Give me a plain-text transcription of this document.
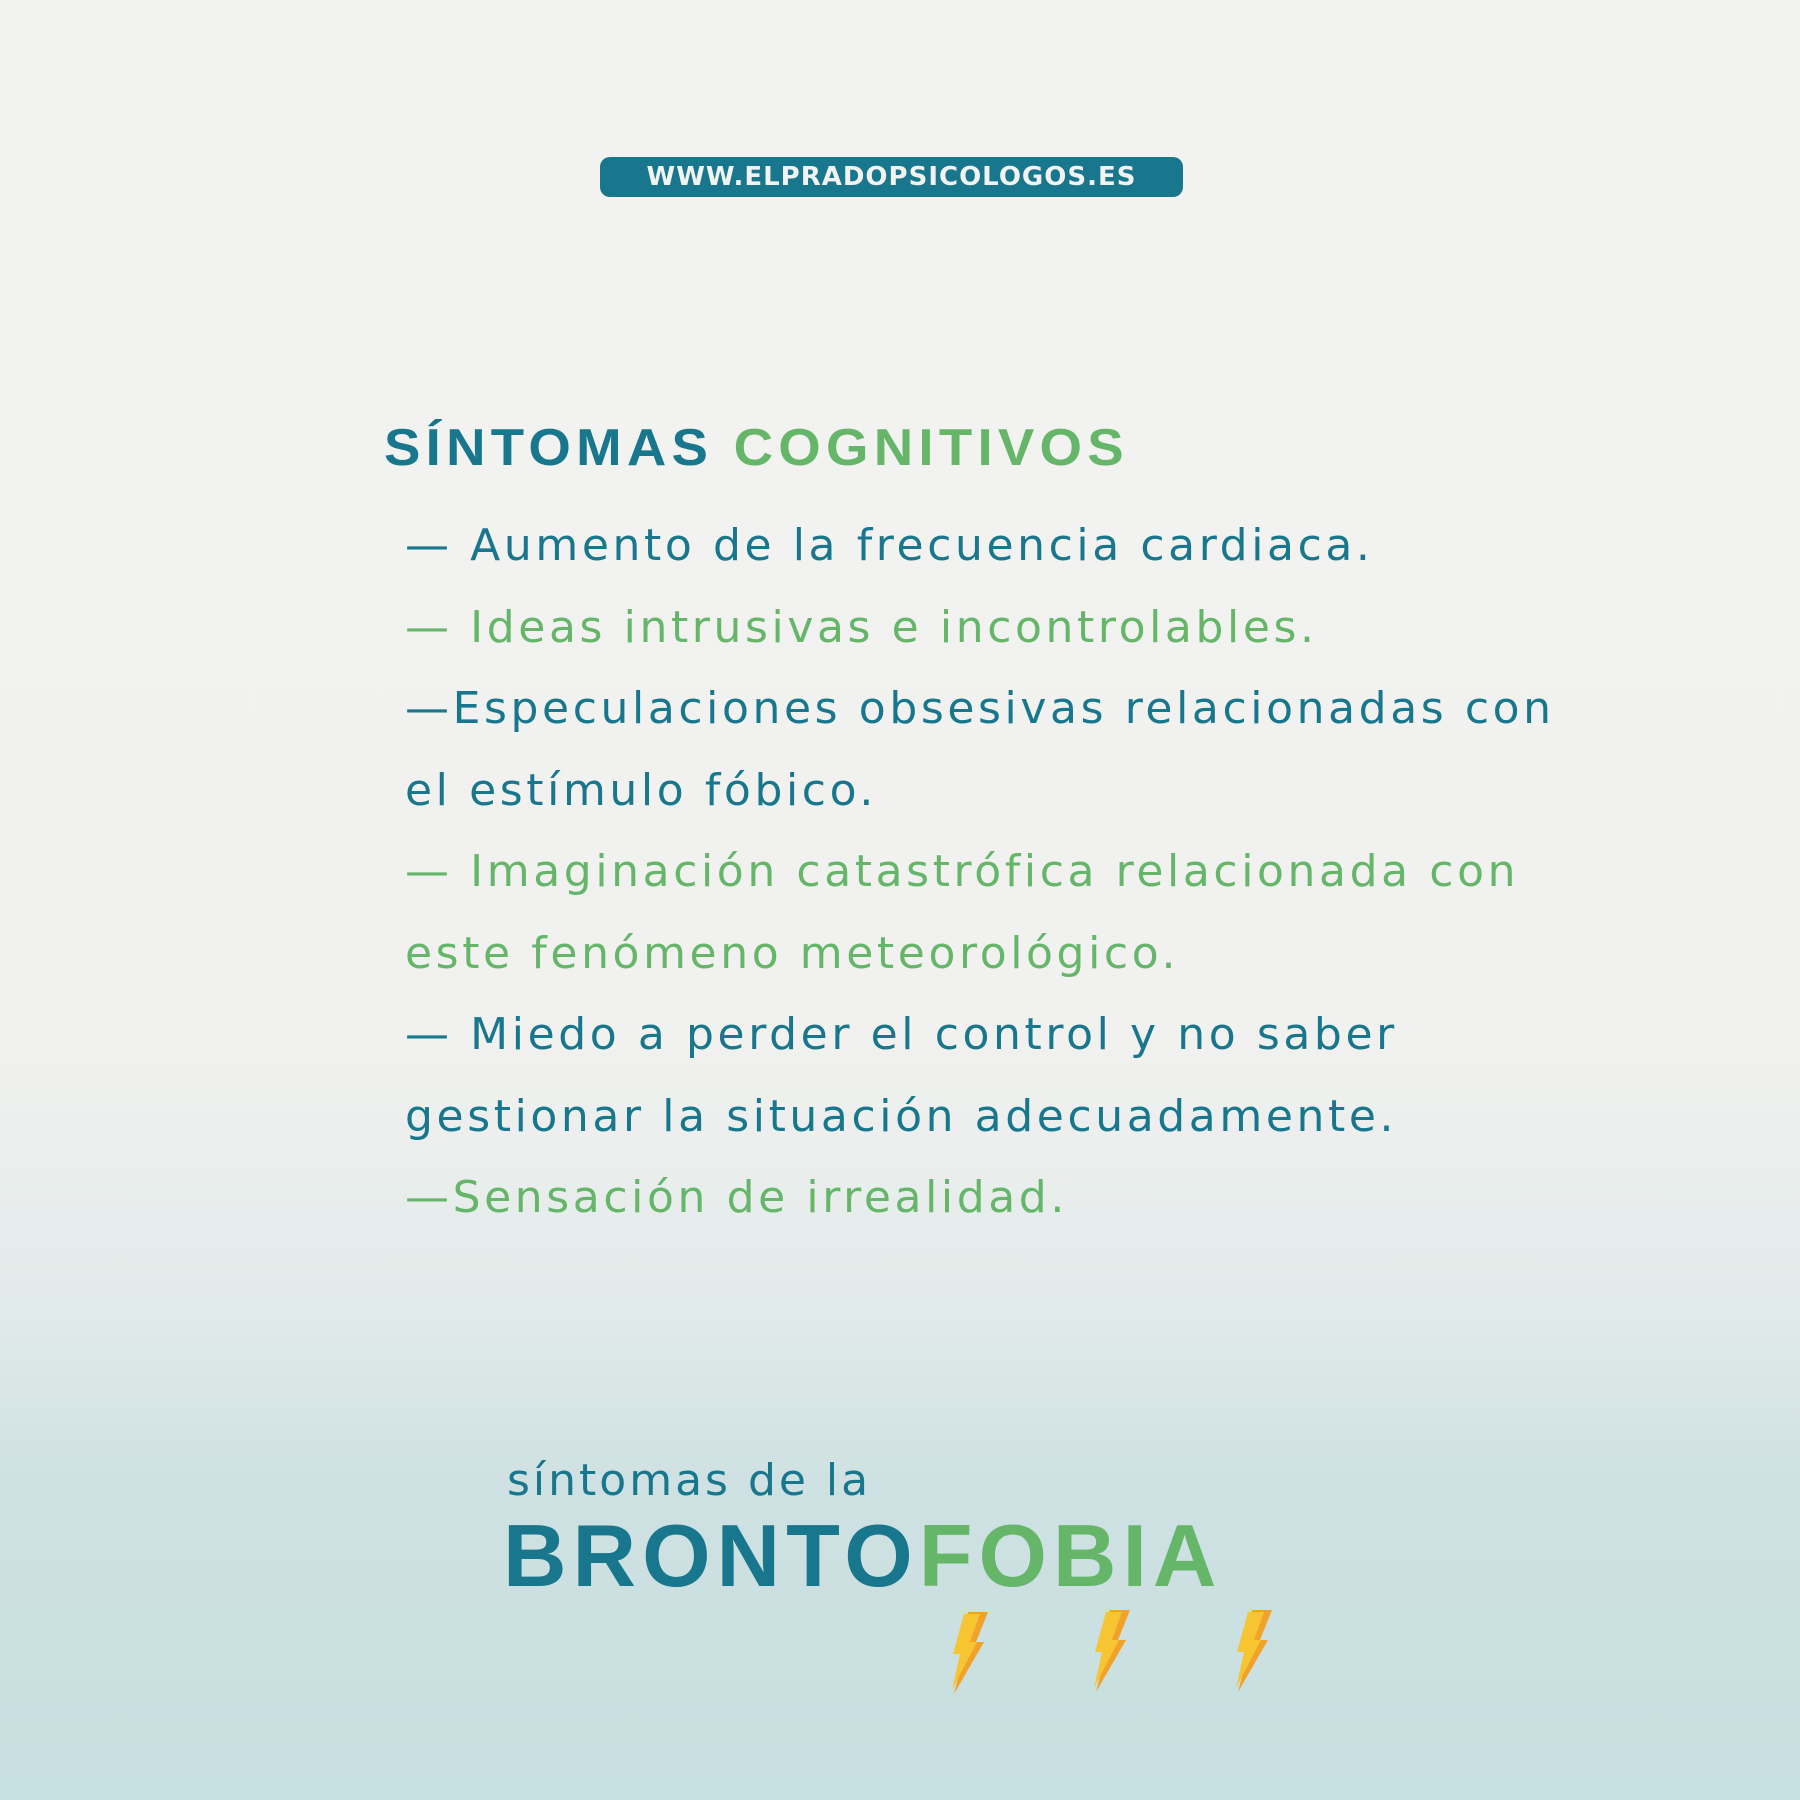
WWW.ELPRADOPSICOLOGOS.ES
SÍNTOMAS COGNITIVOS
— Aumento de la frecuencia cardiaca.
— Ideas intrusivas e incontrolables.
—Especulaciones obsesivas relacionadas con el estímulo fóbico.
— Imaginación catastrófica relacionada con este fenómeno meteorológico.
— Miedo a perder el control y no saber gestionar la situación adecuadamente.
—Sensación de irrealidad.
síntomas de la
BRONTOFOBIA
